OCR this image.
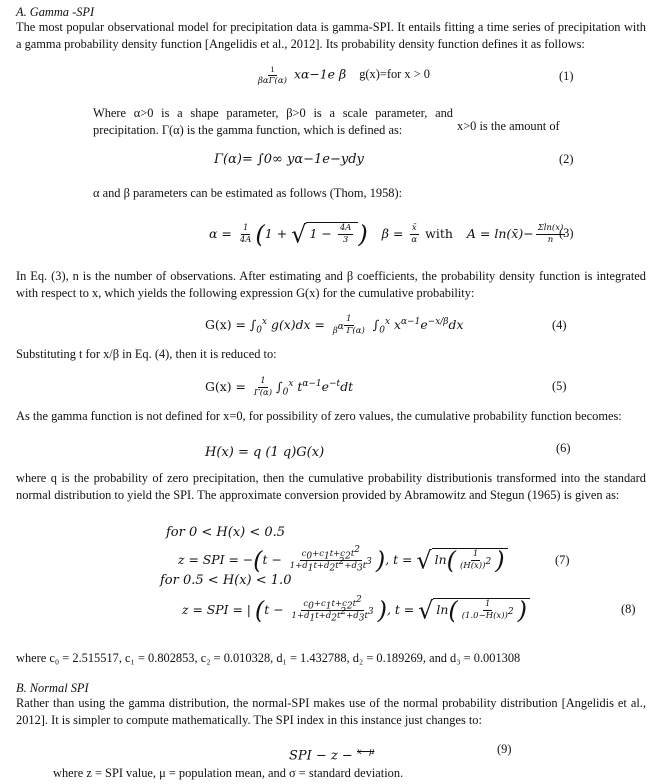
A. Gamma -SPI
The most popular observational model for precipitation data is gamma-SPI. It entails fitting a time series of precipitation with a gamma probability density function [Angelidis et al., 2012]. Its probability density function defines it as follows:
$\frac{1}{\text{βαΓ(α)}} x\alpha-1e$ β g(x)=for x > 0	(1)
Where α>0 is a shape parameter, β>0 is a scale parameter, and precipitation. Γ(α) is the gamma function, which is defined as:	x>0 is the amount of
Γ(α)= ∫0∞ yα−1e−ydy	(2)
α and β parameters can be estimated as follows (Thom, 1958):
$\alpha = \frac{1}{4A} (1$ + √ $1 - \frac{4A}{3}$ ) $\beta = \frac{x̄}{\alpha}$ with A = ln(x̄)− $\frac{\Sigma\ln(x)}{n}$
(3)
In Eq. (3), n is the number of observations. After estimating and β coefficients, the probability density function is integrated with respect to x, which yields the following expression G(x) for the cumulative probability:
$G(x) = \int_0^x$ $g(x)dx = \frac{1}{\text{βα Γ(α)}} \int_0^x$ $x^{\alpha-1}e^{-x/\beta}dx$	(4)
Substituting t for x/β in Eq. (4), then it is reduced to:
$G(x) = \frac{1}{\Gamma(\alpha)} \int_0^x$ $t^{\alpha-1}e^{-t}dt$	(5)
As the gamma function is not defined for x=0, for possibility of zero values, the cumulative probability function becomes:
H(x) = q (1 q)G(x)	(6)
where q is the probability of zero precipitation, then the cumulative probability distributionis transformed into the standard normal distribution to yield the SPI. The approximate conversion provided by Abramowitz and Stegun (1965) is given as:
for 0 < H(x) < 0.5
z = SPI = $-(t - \frac{c0+c1t+c2t2}{1+d1t+d2t2+d3t3}$ ), t = √ $\ln( \frac{1}{(H(x))2}$ )	(7)
for 0.5 < H(x) < 1.0
z = SPI = | ($t - \frac{c0+c1t+c2t2}{1+d1t+d2t2+d3t3}$ ), t = √ $\ln( \frac{1}{(1.0-H(x))2}$ )	(8)
where c₀ = 2.515517, c₁ = 0.802853, c₂ = 0.010328, d₁ = 1.432788, d₂ = 0.189269, and d₃ = 0.001308
B. Normal SPI
Rather than using the gamma distribution, the normal-SPI makes use of the normal probability distribution [Angelidis et al., 2012]. It is simpler to compute mathematically. The SPI index in this instance just changes to:
SPI − z − $^{x-\mu}$	(9)
where z = SPI value, μ = population mean, and σ = standard deviation.
